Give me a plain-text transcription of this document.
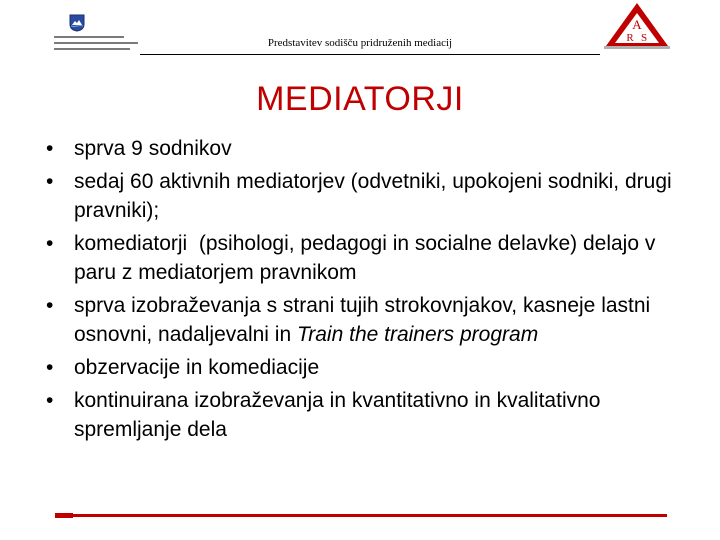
Predstavitev sodišču pridruženih mediacij
A
R S
MEDIATORJI
• sprva 9 sodnikov
• sedaj 60 aktivnih mediatorjev (odvetniki, upokojeni sodniki, drugi pravniki);
• komediatorji  (psihologi, pedagogi in socialne delavke) delajo v paru z mediatorjem pravnikom
• sprva izobraževanja s strani tujih strokovnjakov, kasneje lastni osnovni, nadaljevalni in Train the trainers program
• obzervacije in komediacije
• kontinuirana izobraževanja in kvantitativno in kvalitativno spremljanje dela
